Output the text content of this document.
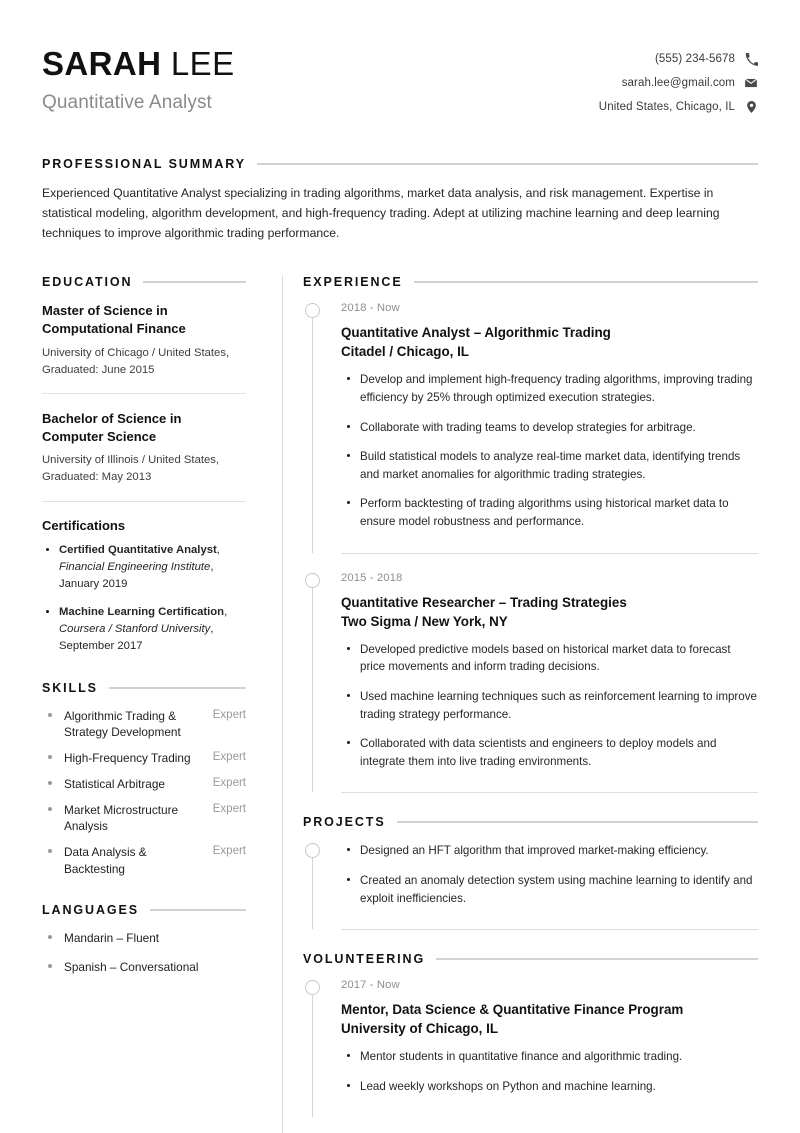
SARAH LEE
Quantitative Analyst
(555) 234-5678
sarah.lee@gmail.com
United States, Chicago, IL
PROFESSIONAL SUMMARY
Experienced Quantitative Analyst specializing in trading algorithms, market data analysis, and risk management. Expertise in statistical modeling, algorithm development, and high-frequency trading. Adept at utilizing machine learning and deep learning techniques to improve algorithmic trading performance.
EDUCATION
Master of Science in Computational Finance
University of Chicago / United States, Graduated: June 2015
Bachelor of Science in Computer Science
University of Illinois / United States, Graduated: May 2013
Certifications
Certified Quantitative Analyst, Financial Engineering Institute, January 2019
Machine Learning Certification, Coursera / Stanford University, September 2017
SKILLS
Algorithmic Trading & Strategy Development
Expert
High-Frequency Trading	Expert
Statistical Arbitrage	Expert
Market Microstructure Analysis
Expert
Data Analysis & Backtesting
Expert
LANGUAGES
Mandarin – Fluent
Spanish – Conversational
EXPERIENCE
2018 - Now
Quantitative Analyst – Algorithmic Trading
Citadel / Chicago, IL
Develop and implement high-frequency trading algorithms, improving trading efficiency by 25% through optimized execution strategies.
Collaborate with trading teams to develop strategies for arbitrage.
Build statistical models to analyze real-time market data, identifying trends and market anomalies for algorithmic trading strategies.
Perform backtesting of trading algorithms using historical market data to ensure model robustness and performance.
2015 - 2018
Quantitative Researcher – Trading Strategies
Two Sigma / New York, NY
Developed predictive models based on historical market data to forecast price movements and inform trading decisions.
Used machine learning techniques such as reinforcement learning to improve trading strategy performance.
Collaborated with data scientists and engineers to deploy models and integrate them into live trading environments.
PROJECTS
Designed an HFT algorithm that improved market-making efficiency.
Created an anomaly detection system using machine learning to identify and exploit inefficiencies.
VOLUNTEERING
2017 - Now
Mentor, Data Science & Quantitative Finance Program
University of Chicago, IL
Mentor students in quantitative finance and algorithmic trading.
Lead weekly workshops on Python and machine learning.
